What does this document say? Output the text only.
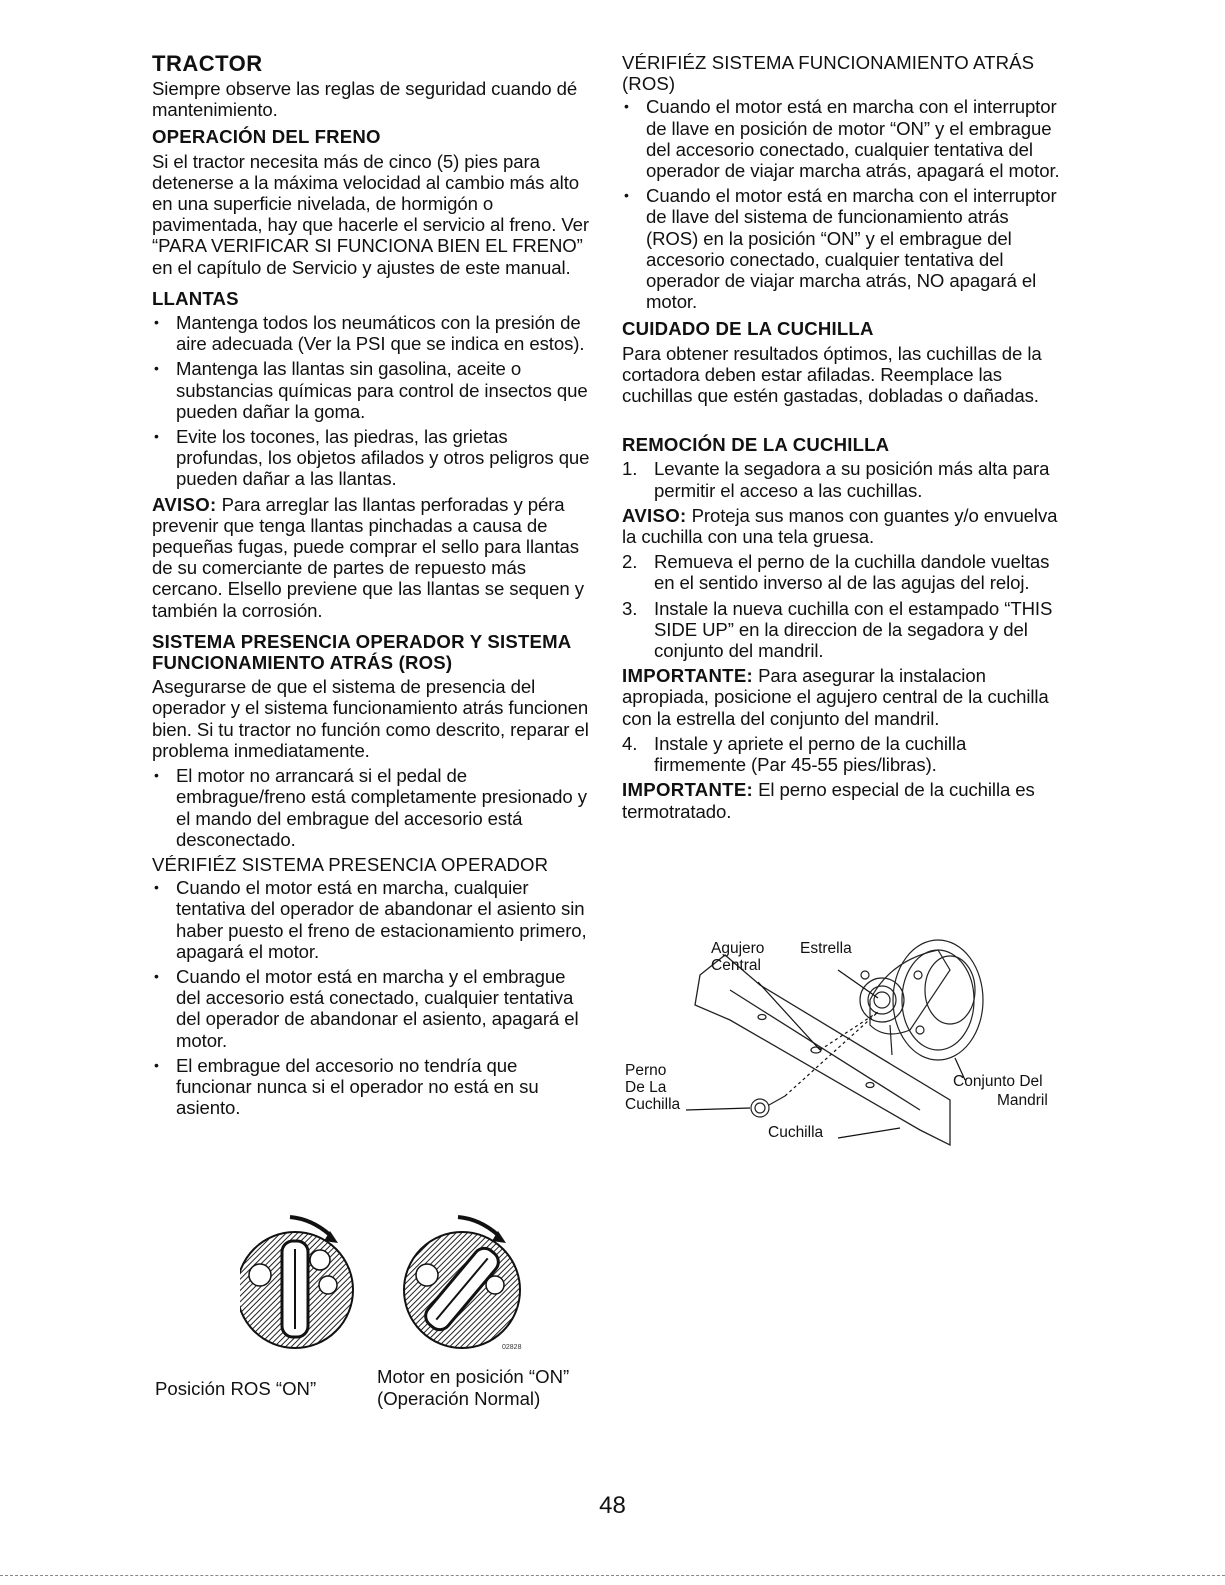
TRACTOR

Siempre observe las reglas de seguridad cuando dé mantenimiento.

OPERACIÓN DEL FRENO

Si el tractor necesita más de cinco (5) pies para detenerse a la máxima velocidad al cambio más alto en una superficie nivelada, de hormigón o pavimentada, hay que hacerle el servicio al freno. Ver “PARA VERIFICAR SI FUNCIONA BIEN EL FRENO” en el capítulo de Servicio y ajustes de este manual.

LLANTAS
• Mantenga todos los neumáticos con la presión de aire adecuada (Ver la PSI que se indica en estos).
• Mantenga las llantas sin gasolina, aceite o substancias químicas para control de insectos que pueden dañar la goma.
• Evite los tocones, las piedras, las grietas profundas, los objetos afilados y otros peligros que pueden dañar a las llantas.

AVISO: Para arreglar las llantas perforadas y péra prevenir que tenga llantas pinchadas a causa de pequeñas fugas, puede comprar el sello para llantas de su comerciante de partes de repuesto más cercano. Elsello previene que las llantas se sequen y también la corrosión.

SISTEMA PRESENCIA OPERADOR Y SISTEMA FUNCIONAMIENTO ATRÁS (ROS)

Asegurarse de que el sistema de presencia del operador y el sistema funcionamiento atrás funcionen bien. Si tu tractor no función como descrito, reparar el problema inmediatamente.

• El motor no arrancará si el pedal de embrague/freno está completamente presionado y el mando del embrague del accesorio está desconectado.

VÉRIFIÉZ SISTEMA PRESENCIA OPERADOR

• Cuando el motor está en marcha, cualquier tentativa del operador de abandonar el asiento sin haber puesto el freno de estacionamiento primero, apagará el motor.
• Cuando el motor está en marcha y el embrague del accesorio está conectado, cualquier tentativa del operador de abandonar el asiento, apagará el motor.
• El embrague del accesorio no tendría que funcionar nunca si el operador no está en su asiento.
02828
Posición ROS “ON”
Motor en posición “ON”
(Operación Normal)

VÉRIFIÉZ SISTEMA FUNCIONAMIENTO ATRÁS (ROS)

• Cuando el motor está en marcha con el interruptor de llave en posición de motor “ON” y el embrague del accesorio conectado, cualquier tentativa del operador de viajar marcha atrás, apagará el motor.
• Cuando el motor está en marcha con el interruptor de llave del sistema de funcionamiento atrás (ROS) en la posición “ON” y el embrague del accesorio conectado, cualquier tentativa del operador de viajar marcha atrás, NO apagará el motor.
CUIDADO DE LA CUCHILLA

Para obtener resultados óptimos, las cuchillas de la cortadora deben estar afiladas. Reemplace las cuchillas que estén gastadas, dobladas o dañadas.

REMOCIÓN DE LA CUCHILLA
1. Levante la segadora a su posición más alta para permitir el acceso a las cuchillas.

AVISO: Proteja sus manos con guantes y/o envuelva la cuchilla con una tela gruesa.

2. Remueva el perno de la cuchilla dandole vueltas en el sentido inverso al de las agujas del reloj.
3. Instale la nueva cuchilla con el estampado “THIS SIDE UP” en la direccion de la segadora y del conjunto del mandril.

IMPORTANTE: Para asegurar la instalacion apropiada, posicione el agujero central de la cuchilla con la estrella del conjunto del mandril.

4. Instale y apriete el perno de la cuchilla firmemente (Par 45-55 pies/libras).

IMPORTANTE: El perno especial de la cuchilla es termotratado.

Agujero
Central
Estrella
Perno
De La
Cuchilla
Conjunto Del
Mandril
Cuchilla
48
